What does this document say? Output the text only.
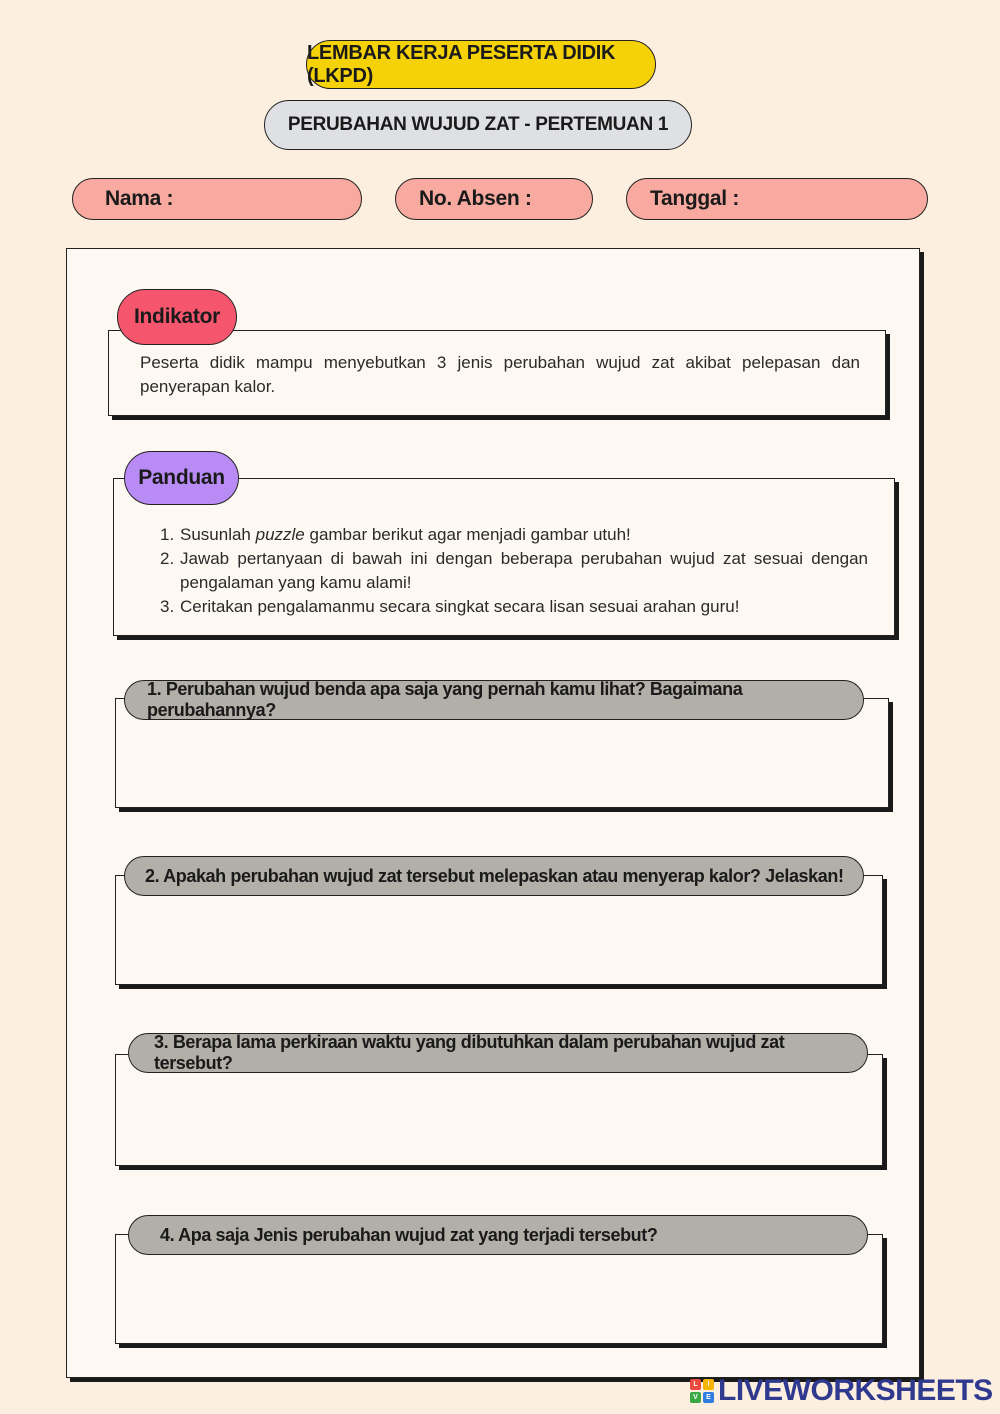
LEMBAR KERJA PESERTA DIDIK (LKPD)
PERUBAHAN WUJUD ZAT - PERTEMUAN 1
Nama :	No. Absen :	Tanggal :

Peserta didik mampu menyebutkan 3 jenis perubahan wujud zat akibat pelepasan dan penyerapan kalor.

Indikator
1. Susunlah puzzle gambar berikut agar menjadi gambar utuh!
2. Jawab pertanyaan di bawah ini dengan beberapa perubahan wujud zat sesuai dengan pengalaman yang kamu alami!
3. Ceritakan pengalamanmu secara singkat secara lisan sesuai arahan guru!
Panduan
1. Perubahan wujud benda apa saja yang pernah kamu lihat? Bagaimana perubahannya?
2. Apakah perubahan wujud zat tersebut melepaskan atau menyerap kalor? Jelaskan!
3. Berapa lama perkiraan waktu yang dibutuhkan dalam perubahan wujud zat tersebut?
4. Apa saja Jenis perubahan wujud zat yang terjadi tersebut?
L	I
V	E LIVEWORKSHEETS
